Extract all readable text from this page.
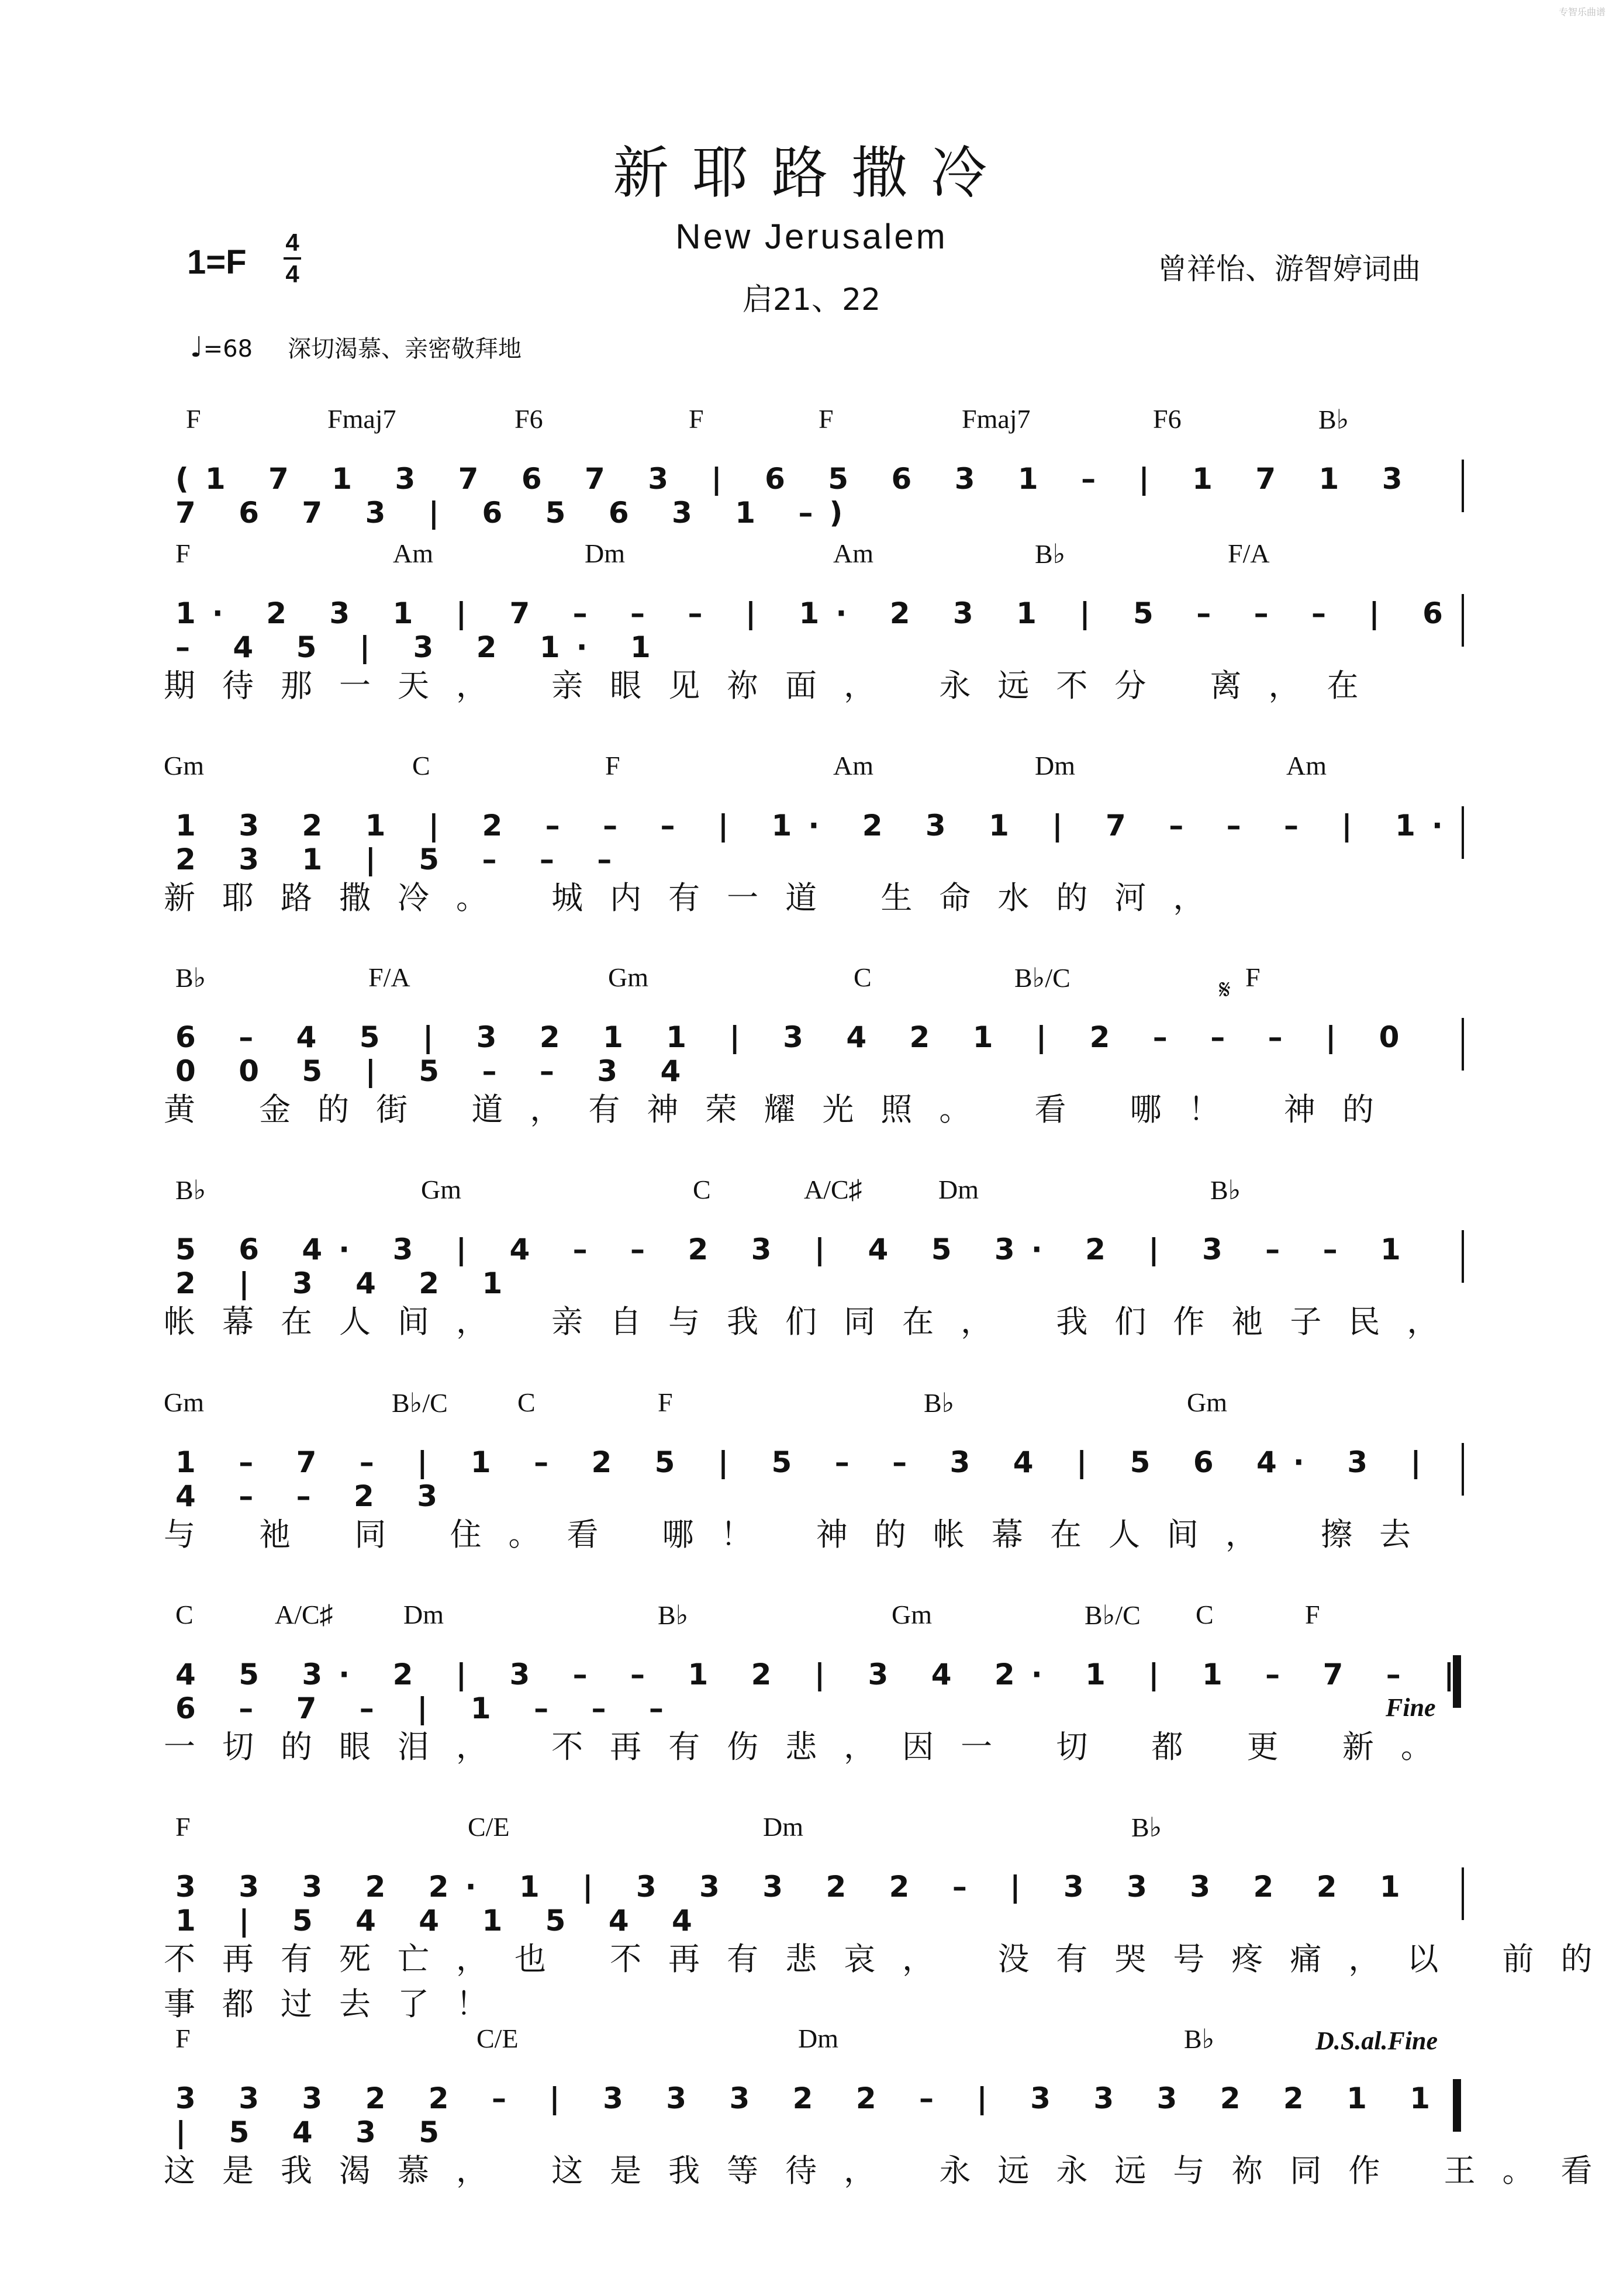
专智乐曲谱
新耶路撒冷
New Jerusalem
启21、22
1=F
4
4	曾祥怡、游智婷词曲
♩=68 深切渴慕、亲密敬拜地
F	Fmaj7	F6	F	F	Fmaj7	F6	B♭
(1 7 1 3 7 6 7 3 | 6 5 6 3 1 – | 1 7 1 3 7 6 7 3 | 6 5 6 3 1 –)
F	Am	Dm	Am	B♭	F/A
1· 2 3 1 | 7 – – – | 1· 2 3 1 | 5 – – – | 6 – 4 5 | 3 2 1· 1
期待那一天， 亲眼见祢面， 永远不分 离，在
Gm	C	F	Am	Dm	Am
1 3 2 1 | 2 – – – | 1· 2 3 1 | 7 – – – | 1· 2 3 1 | 5 – – –
新耶路撒冷。 城内有一道 生命水的河，
B♭	F/A	Gm	C	B♭/C	𝄋 F
6 – 4 5 | 3 2 1 1 | 3 4 2 1 | 2 – – – | 0 0 0 5 | 5 – – 3 4
黄 金的街 道，有神荣耀光照。 看 哪！ 神的
B♭	Gm	C	A/C♯	Dm	B♭
5 6 4· 3 | 4 – – 2 3 | 4 5 3· 2 | 3 – – 1 2 | 3 4 2 1
帐幕在人间， 亲自与我们同在， 我们作祂子民，
Gm	B♭/C	C	F	B♭	Gm
1 – 7 – | 1 – 2 5 | 5 – – 3 4 | 5 6 4· 3 | 4 – – 2 3
与 祂 同 住。看 哪！ 神的帐幕在人间， 擦去
C	A/C♯	Dm	B♭	Gm	B♭/C C	F
4 5 3· 2 | 3 – – 1 2 | 3 4 2· 1 | 1 – 7 – | 6 – 7 – | 1 – – –	Fine
一切的眼泪， 不再有伤悲，因一 切 都 更 新。
F	C/E	Dm	B♭
3 3 3 2 2· 1 | 3 3 3 2 2 – | 3 3 3 2 2 1 1 | 5 4 4 1 5 4 4
不再有死亡，也 不再有悲哀， 没有哭号疼痛，以 前的事都过去了！
F	C/E	Dm	B♭	D.S.al.Fine
3 3 3 2 2 – | 3 3 3 2 2 – | 3 3 3 2 2 1 1 | 5 4 3 5
这是我渴慕， 这是我等待， 永远永远与祢同作 王。看
